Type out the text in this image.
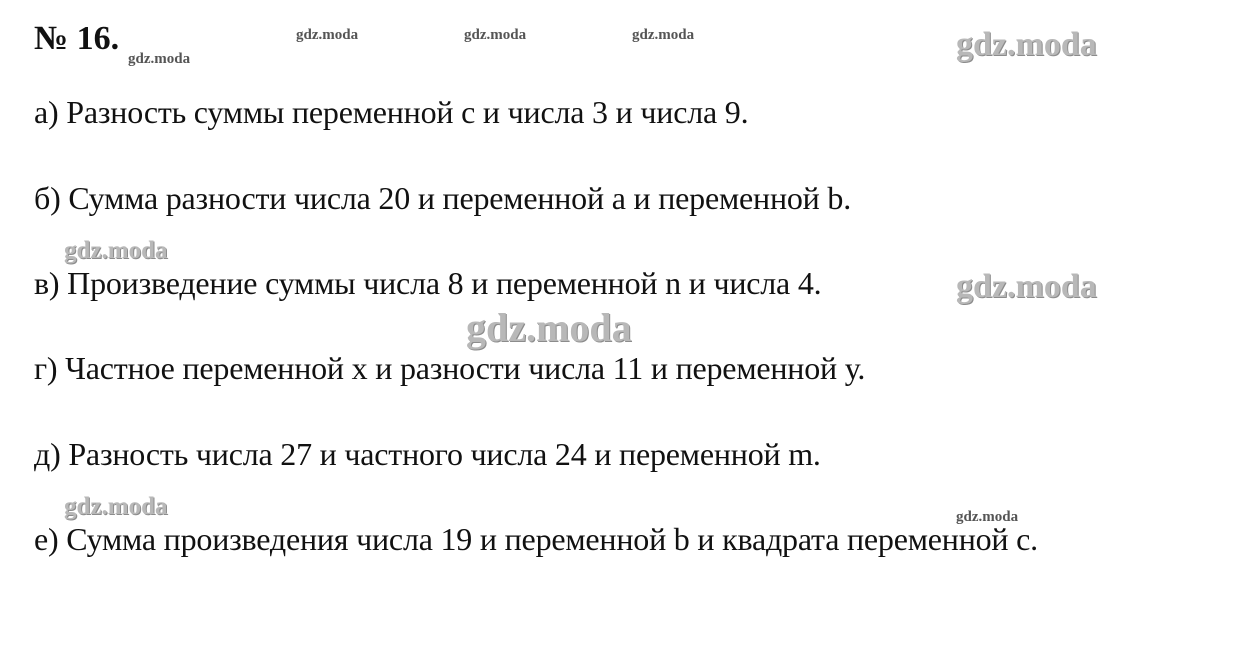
№ 16.
а) Разность суммы переменной с и числа 3 и числа 9.
б) Сумма разности числа 20 и переменной а и переменной b.
в) Произведение суммы числа 8 и переменной n и числа 4.
г) Частное переменной х и разности числа 11 и переменной у.
д) Разность числа 27 и частного числа 24 и переменной m.
е) Сумма произведения числа 19 и переменной b и квадрата переменной с.
gdz.moda
gdz.moda	gdz.moda	gdz.moda	gdz.moda
gdz.moda
gdz.moda
gdz.moda
gdz.moda	gdz.moda
